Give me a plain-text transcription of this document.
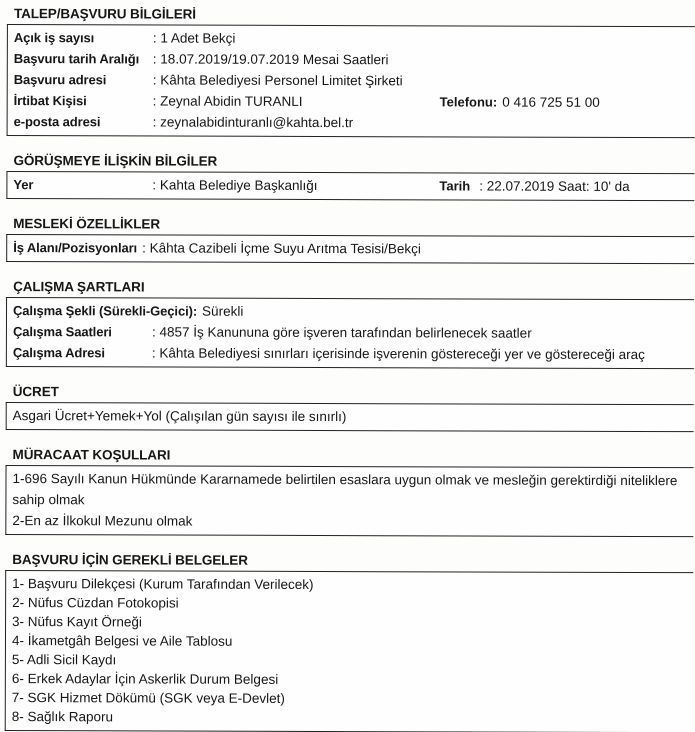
TALEP/BAŞVURU BİLGİLERİ
Açık iş sayısı	: 1 Adet Bekçi
Başvuru tarih Aralığı	: 18.07.2019/19.07.2019 Mesai Saatleri
Başvuru adresi	: Kâhta Belediyesi Personel Limitet Şirketi
İrtibat Kişisi	: Zeynal Abidin TURANLI	Telefonu: 0 416 725 51 00
e-posta adresi	: zeynalabidinturanlı@kahta.bel.tr
GÖRÜŞMEYE İLİŞKİN BİLGİLER
Yer	: Kahta Belediye Başkanlığı	Tarih : 22.07.2019 Saat: 10' da
MESLEKİ ÖZELLİKLER
İş Alanı/Pozisyonları : Kâhta Cazibeli İçme Suyu Arıtma Tesisi/Bekçi
ÇALIŞMA ŞARTLARI
Çalışma Şekli (Sürekli-Geçici): Sürekli
Çalışma Saatleri	: 4857 İş Kanununa göre işveren tarafından belirlenecek saatler
Çalışma Adresi	: Kâhta Belediyesi sınırları içerisinde işverenin göstereceği yer ve göstereceği araç
ÜCRET
Asgari Ücret+Yemek+Yol (Çalışılan gün sayısı ile sınırlı)
MÜRACAAT KOŞULLARI
1-696 Sayılı Kanun Hükmünde Kararnamede belirtilen esaslara uygun olmak ve mesleğin gerektirdiği niteliklere sahip olmak
2-En az İlkokul Mezunu olmak
BAŞVURU İÇİN GEREKLİ BELGELER
1- Başvuru Dilekçesi (Kurum Tarafından Verilecek)
2- Nüfus Cüzdan Fotokopisi
3- Nüfus Kayıt Örneği
4- İkametgâh Belgesi ve Aile Tablosu
5- Adli Sicil Kaydı
6- Erkek Adaylar İçin Askerlik Durum Belgesi
7- SGK Hizmet Dökümü (SGK veya E-Devlet)
8- Sağlık Raporu
